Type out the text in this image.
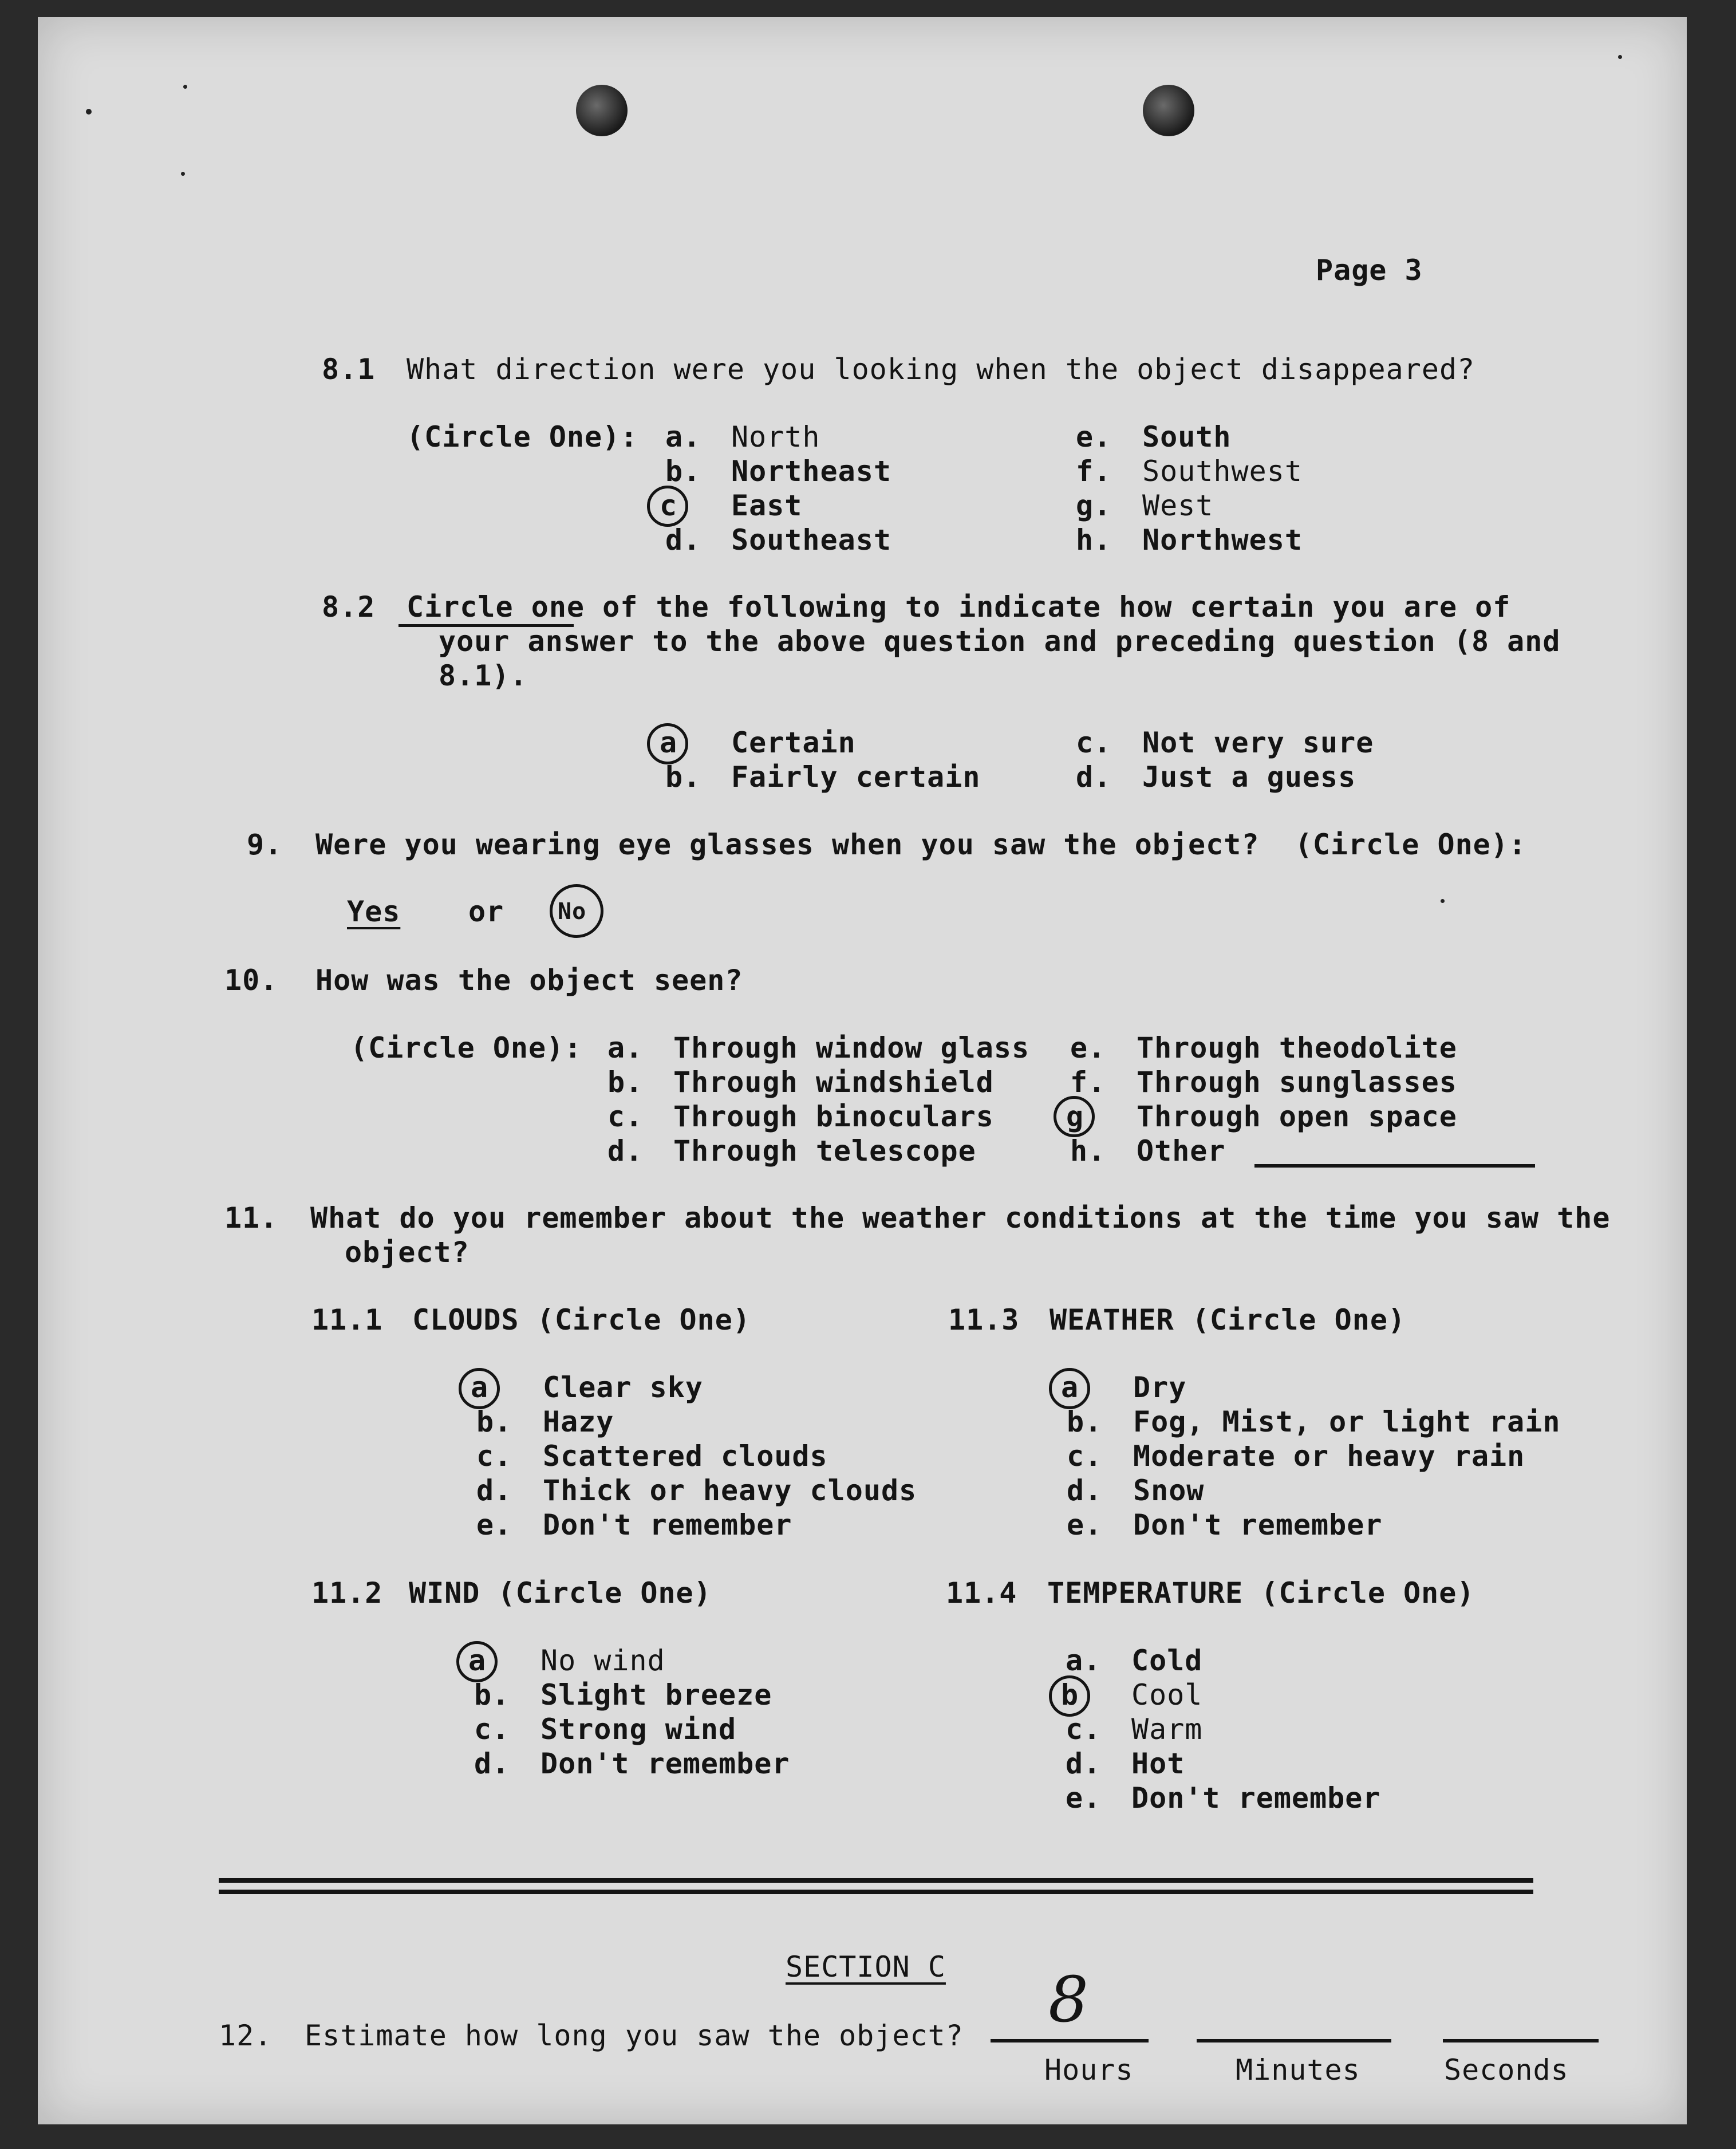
Page 3
8.1 What direction were you looking when the object disappeared?
(Circle One): a.
b.
c
d.
North
Northeast
East
Southeast
e.
f.
g.
h.
South
Southwest
West
Northwest
8.2 Circle one of the following to indicate how certain you are of
your answer to the above question and preceding question (8 and
8.1).
a
b.
Certain
Fairly certain
c.
d.
Not very sure
Just a guess
9. Were you wearing eye glasses when you saw the object?  (Circle One):
Yes or No
10. How was the object seen?
(Circle One): a.
b.
c.
d.
Through window glass
Through windshield
Through binoculars
Through telescope
e.
f.
g
h.
Through theodolite
Through sunglasses
Through open space
Other
11. What do you remember about the weather conditions at the time you saw the
object?
11.1 CLOUDS (Circle One)
a
b.
c.
d.
e.
Clear sky
Hazy
Scattered clouds
Thick or heavy clouds
Don't remember
11.3 WEATHER (Circle One)
a
b.
c.
d.
e.
Dry
Fog, Mist, or light rain
Moderate or heavy rain
Snow
Don't remember
11.2 WIND (Circle One)
a
b.
c.
d.
No wind
Slight breeze
Strong wind
Don't remember
11.4 TEMPERATURE (Circle One)
a.
b
c.
d.
e.
Cold
Cool
Warm
Hot
Don't remember
SECTION C
12. Estimate how long you saw the object? 8
Hours	Minutes	Seconds
